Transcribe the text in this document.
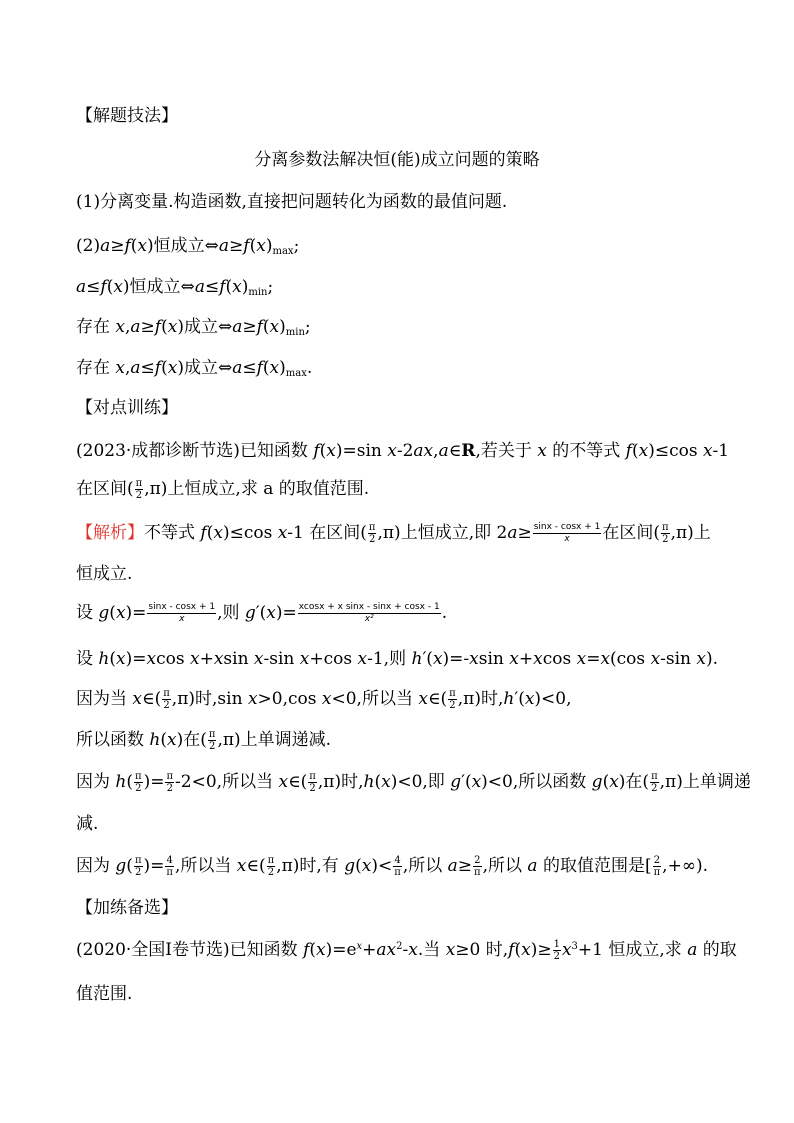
【解题技法】
分离参数法解决恒(能)成立问题的策略
(1)分离变量.构造函数,直接把问题转化为函数的最值问题.
(2)a≥f(x)恒成立$\Leftrightarrow a\ge f(x)_{max}$;
a≤f(x)恒成立$\Leftrightarrow a\le f(x)_{min}$;
存在 x,a≥f(x)成立$\Leftrightarrow a\ge f(x)_{min}$;
存在 x,a≤f(x)成立$\Leftrightarrow a\le f(x)_{max}$.
【对点训练】
(2023·成都诊断节选)已知函数 f(x)=sin x-2ax,a∈R,若关于 x 的不等式 f(x)≤cos x-1
在区间( $\frac{\pi}{2} ,\pi$)上恒成立,求 a 的取值范围.
【解析】不等式 f(x)≤cos x-1 在区间( $\frac{\pi}{2} ,\pi$)上恒成立,即 $2a\ge \frac{\sin x - \cos x + 1}{x}$ 在区间( $\frac{\pi}{2} ,\pi$)上
恒成立.
设 $g(x)= \frac{\sin x - \cos x + 1}{x}$ ,则 $g'(x)= \frac{\text{xcosx + x sinx - sinx + cosx - 1}}{\text{x²}}$ .
设 h(x)=xcos x+xsin x-sin x+cos x-1,则 h′(x)=-xsin x+xcos x=x(cos x-sin x).
因为当 x∈( $\frac{\pi}{2} ,\pi$)时,sin x>0,cos x<0,所以当 x∈( $\frac{\pi}{2} ,\pi$)时,h′(x)<0,
所以函数 h(x)在( $\frac{\pi}{2} ,\pi$)上单调递减.
因为 $h( \frac{\pi}{2}$ )= $\frac{\pi}{2} -2<0$,所以当 x∈( $\frac{\pi}{2} ,\pi$)时,h(x)<0,即 g′(x)<0,所以函数 g(x)在( $\frac{\pi}{2} ,\pi$)上单调递
减.
因为 $g( \frac{\pi}{2}$ )= $\frac{4}{\pi}$ ,所以当 x∈( $\frac{\pi}{2} ,\pi$)时,有 $g(x)< \frac{4}{\pi}$ ,所以 $a\ge \frac{2}{\pi}$ ,所以 a 的取值范围是[ $\frac{2}{\pi}$ ,+∞).
【加练备选】
(2020·全国Ⅰ卷节选)已知函数 $f(x)=e^x+ax^2-x$.当 x≥0 时$,f(x)\ge \frac{1}{2} x^3+1$ 恒成立,求 a 的取
值范围.
